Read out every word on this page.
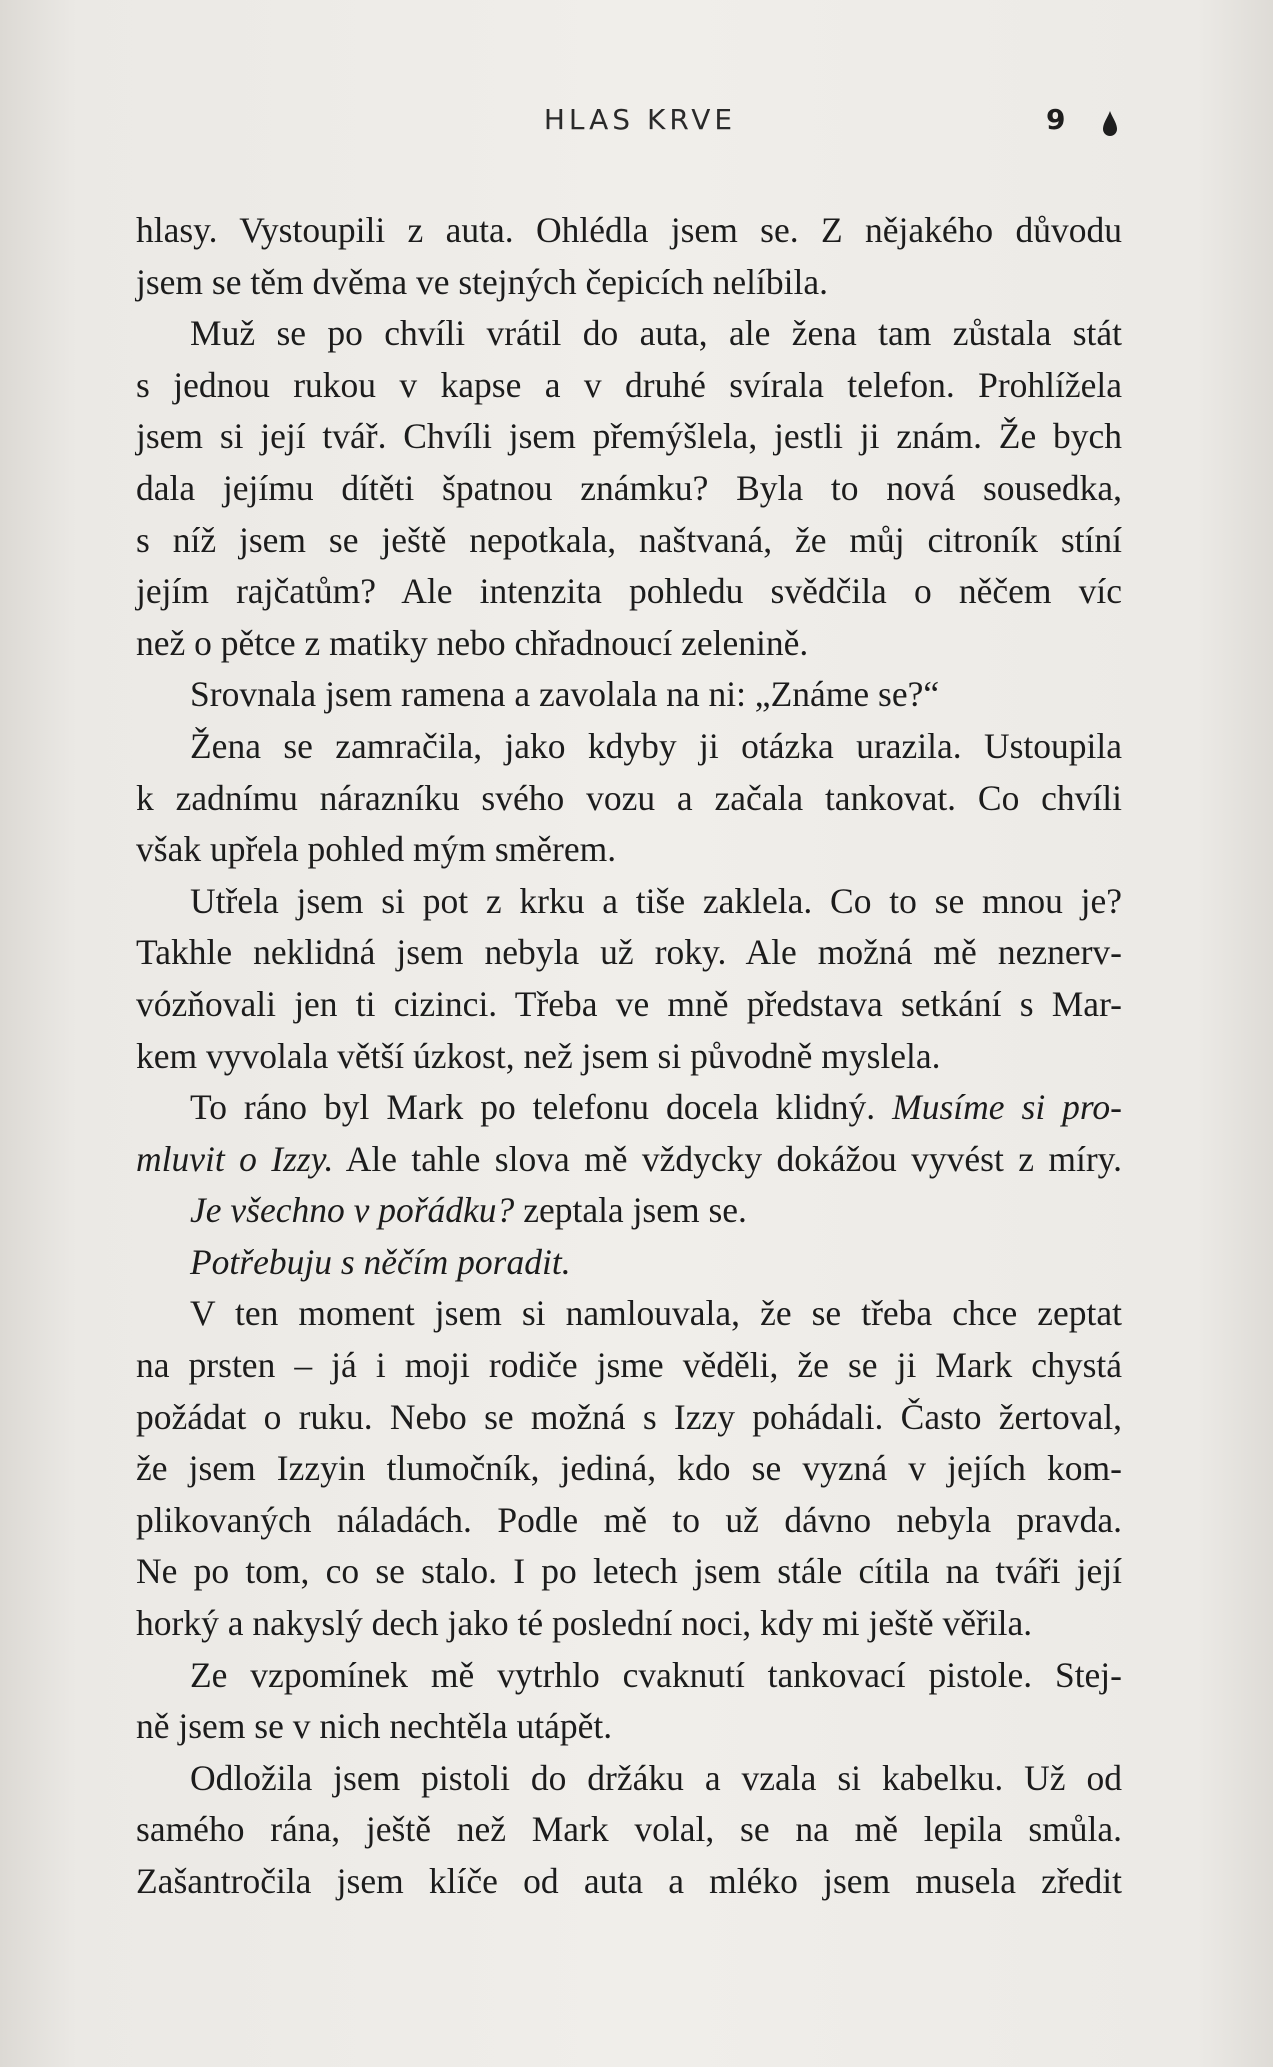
HLAS KRVE	9
hlasy. Vystoupili z auta. Ohlédla jsem se. Z nějakého důvodu
jsem se těm dvěma ve stejných čepicích nelíbila.
Muž se po chvíli vrátil do auta, ale žena tam zůstala stát
s jednou rukou v kapse a v druhé svírala telefon. Prohlížela
jsem si její tvář. Chvíli jsem přemýšlela, jestli ji znám. Že bych
dala jejímu dítěti špatnou známku? Byla to nová sousedka,
s níž jsem se ještě nepotkala, naštvaná, že můj citroník stíní
jejím rajčatům? Ale intenzita pohledu svědčila o něčem víc
než o pětce z matiky nebo chřadnoucí zelenině.
Srovnala jsem ramena a zavolala na ni: „Známe se?“
Žena se zamračila, jako kdyby ji otázka urazila. Ustoupila
k zadnímu nárazníku svého vozu a začala tankovat. Co chvíli
však upřela pohled mým směrem.
Utřela jsem si pot z krku a tiše zaklela. Co to se mnou je?
Takhle neklidná jsem nebyla už roky. Ale možná mě neznerv-
vózňovali jen ti cizinci. Třeba ve mně představa setkání s Mar-
kem vyvolala větší úzkost, než jsem si původně myslela.
To ráno byl Mark po telefonu docela klidný. Musíme si pro-
mluvit o Izzy. Ale tahle slova mě vždycky dokážou vyvést z míry.
Je všechno v pořádku? zeptala jsem se.
Potřebuju s něčím poradit.
V ten moment jsem si namlouvala, že se třeba chce zeptat
na prsten – já i moji rodiče jsme věděli, že se ji Mark chystá
požádat o ruku. Nebo se možná s Izzy pohádali. Často žertoval,
že jsem Izzyin tlumočník, jediná, kdo se vyzná v jejích kom-
plikovaných náladách. Podle mě to už dávno nebyla pravda.
Ne po tom, co se stalo. I po letech jsem stále cítila na tváři její
horký a nakyslý dech jako té poslední noci, kdy mi ještě věřila.
Ze vzpomínek mě vytrhlo cvaknutí tankovací pistole. Stej-
ně jsem se v nich nechtěla utápět.
Odložila jsem pistoli do držáku a vzala si kabelku. Už od
samého rána, ještě než Mark volal, se na mě lepila smůla.
Zašantročila jsem klíče od auta a mléko jsem musela zředit
